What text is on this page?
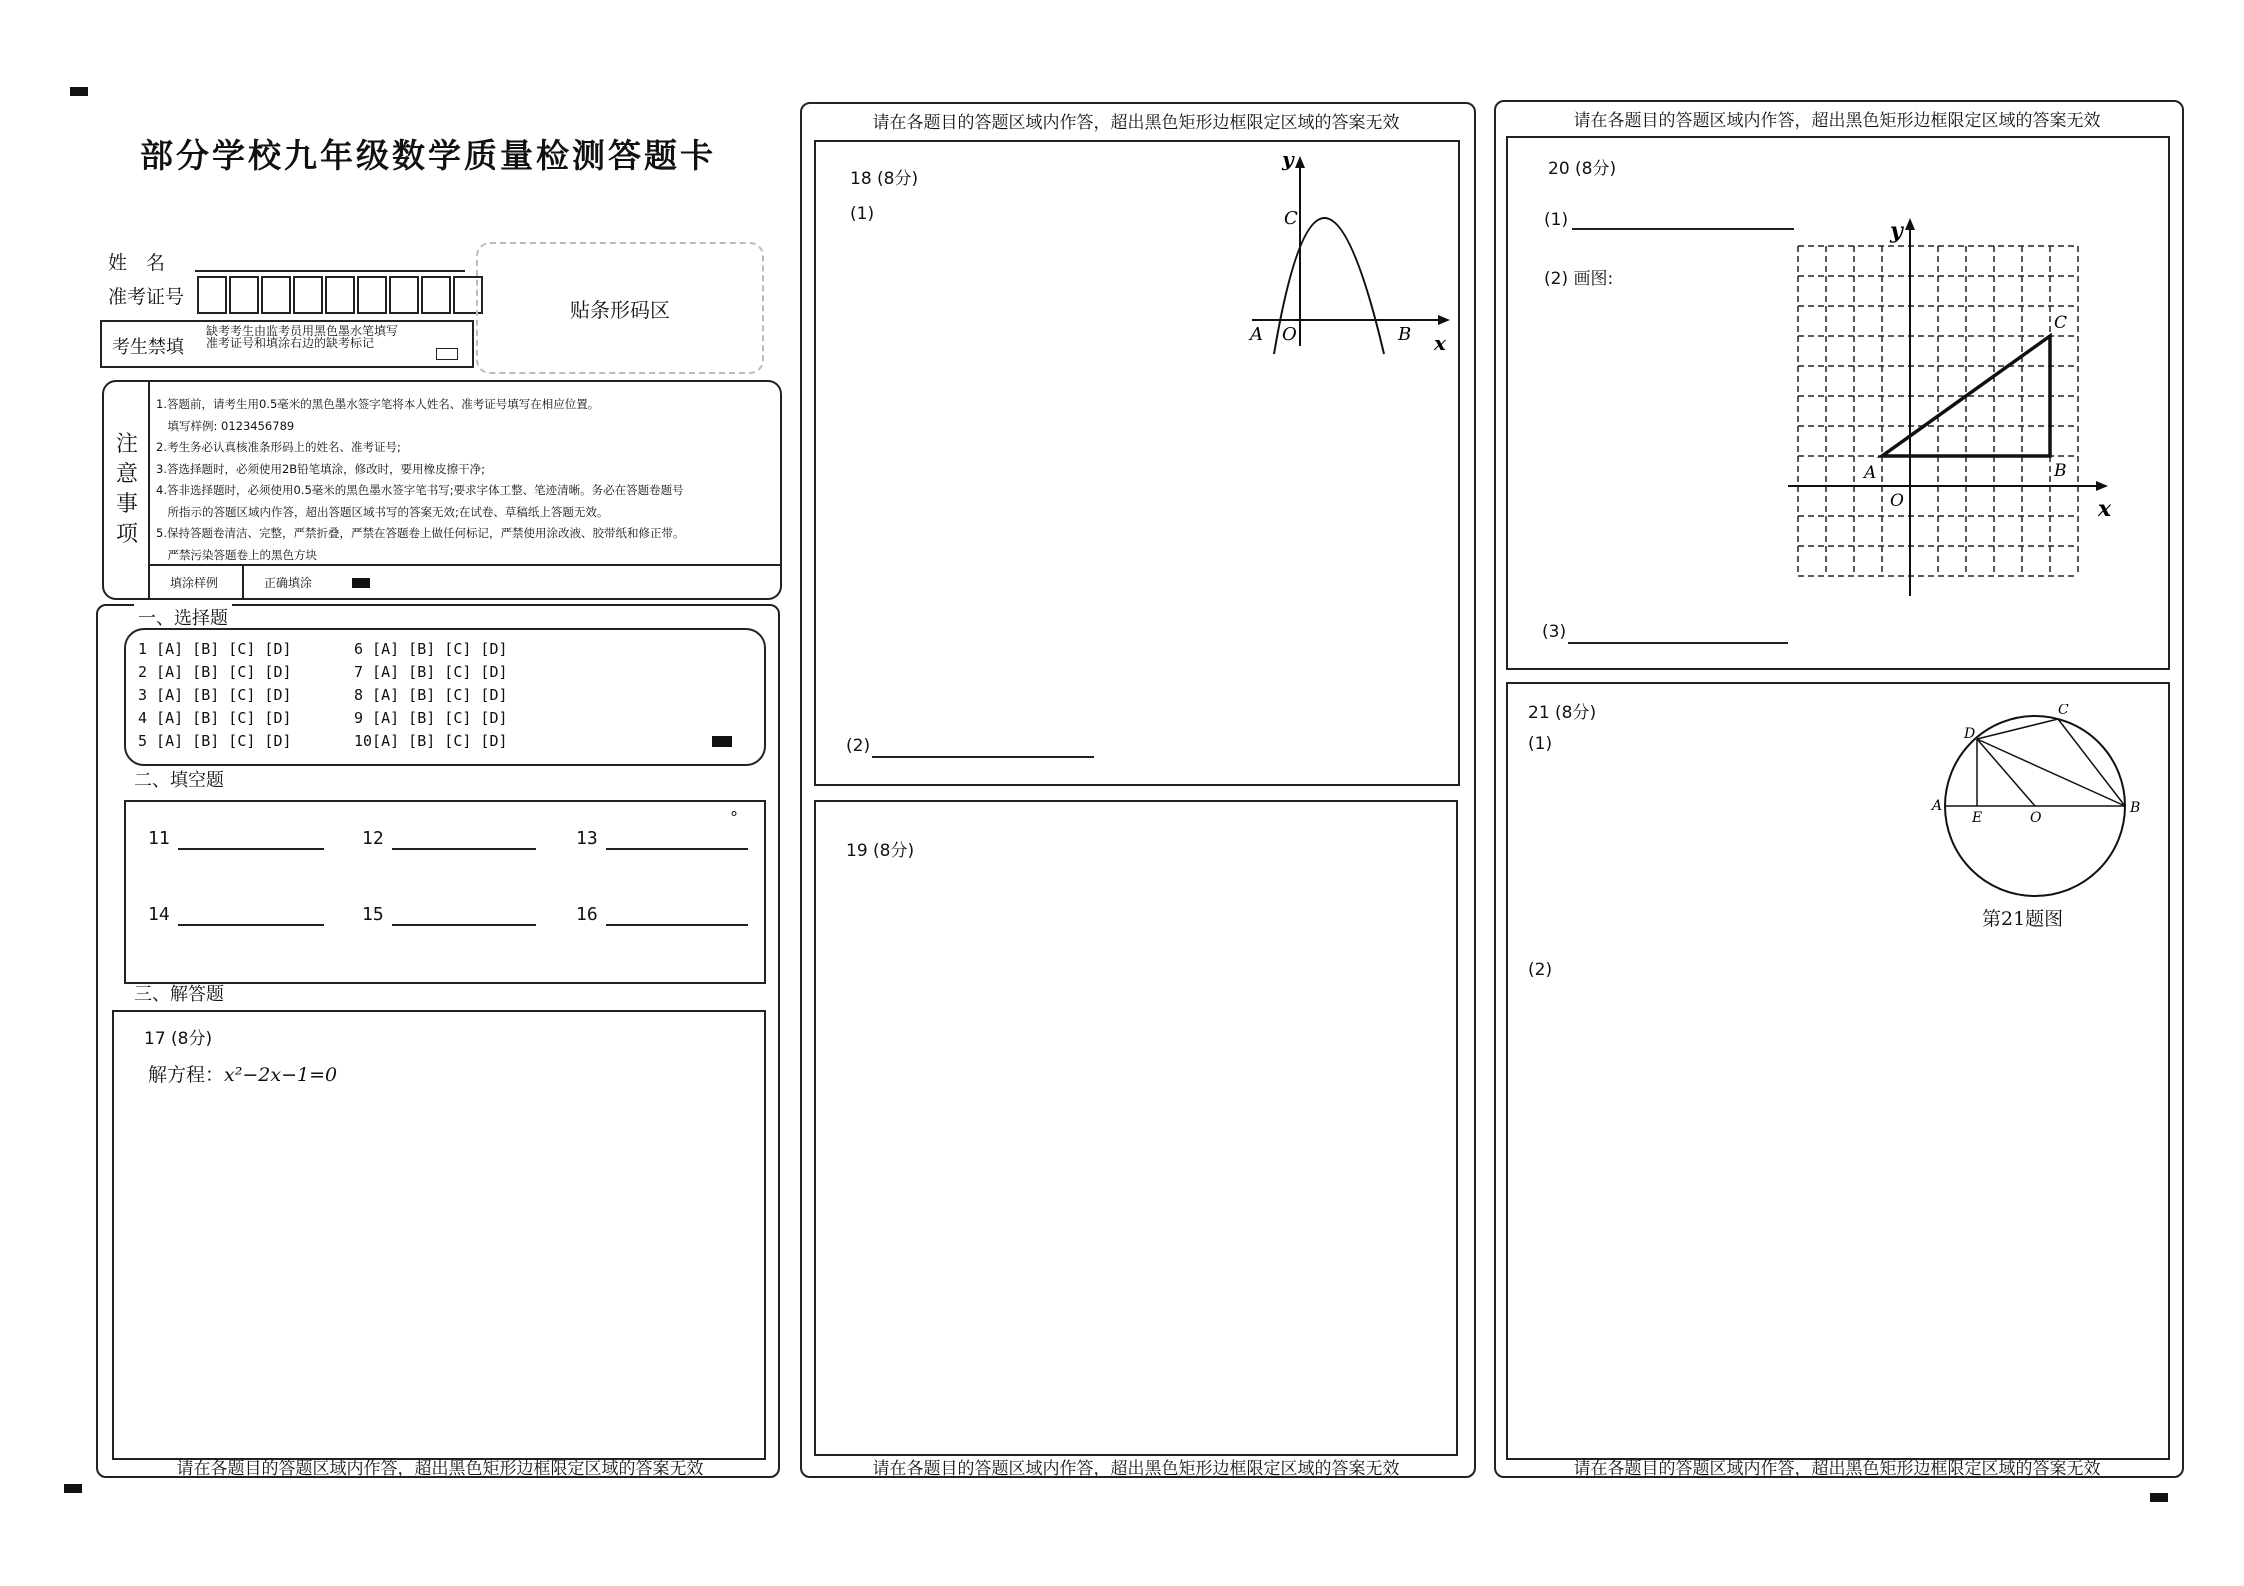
部分学校九年级数学质量检测答题卡
姓　名
准考证号
考生禁填
缺考考生由监考员用黑色墨水笔填写准考证号和填涂右边的缺考标记
贴条形码区
注意事项

1.答题前，请考生用0.5毫米的黑色墨水签字笔将本人姓名、准考证号填写在相应位置。

　填写样例: 0123456789

2.考生务必认真核准条形码上的姓名、准考证号;

3.答选择题时，必须使用2B铅笔填涂，修改时，要用橡皮擦干净;

4.答非选择题时，必须使用0.5毫米的黑色墨水签字笔书写;要求字体工整、笔迹清晰。务必在答题卷题号

　所指示的答题区域内作答，超出答题区域书写的答案无效;在试卷、草稿纸上答题无效。

5.保持答题卷清洁、完整，严禁折叠，严禁在答题卷上做任何标记，严禁使用涂改液、胶带纸和修正带。

　严禁污染答题卷上的黑色方块

填涂样例	正确填涂
一、选择题
1 [A] [B] [C] [D]
2 [A] [B] [C] [D]
3 [A] [B] [C] [D]
4 [A] [B] [C] [D]
5 [A] [B] [C] [D]
6 [A] [B] [C] [D]
7 [A] [B] [C] [D]
8 [A] [B] [C] [D]
9 [A] [B] [C] [D]
10[A] [B] [C] [D]
二、填空题
°
11	12	13
14	15	16
三、解答题
17 (8分)
解方程：x²−2x−1=0
请在各题目的答题区域内作答，超出黑色矩形边框限定区域的答案无效
请在各题目的答题区域内作答，超出黑色矩形边框限定区域的答案无效
18 (8分)
(1)
(2)
y
x
C
A O	B
19 (8分)
请在各题目的答题区域内作答，超出黑色矩形边框限定区域的答案无效
请在各题目的答题区域内作答，超出黑色矩形边框限定区域的答案无效
20 (8分)
(1)
(2) 画图:
(3)
y
x
A	B
C
O
21 (8分)
(1)
(2)
A	B
C
D
E	O
第21题图
请在各题目的答题区域内作答，超出黑色矩形边框限定区域的答案无效
